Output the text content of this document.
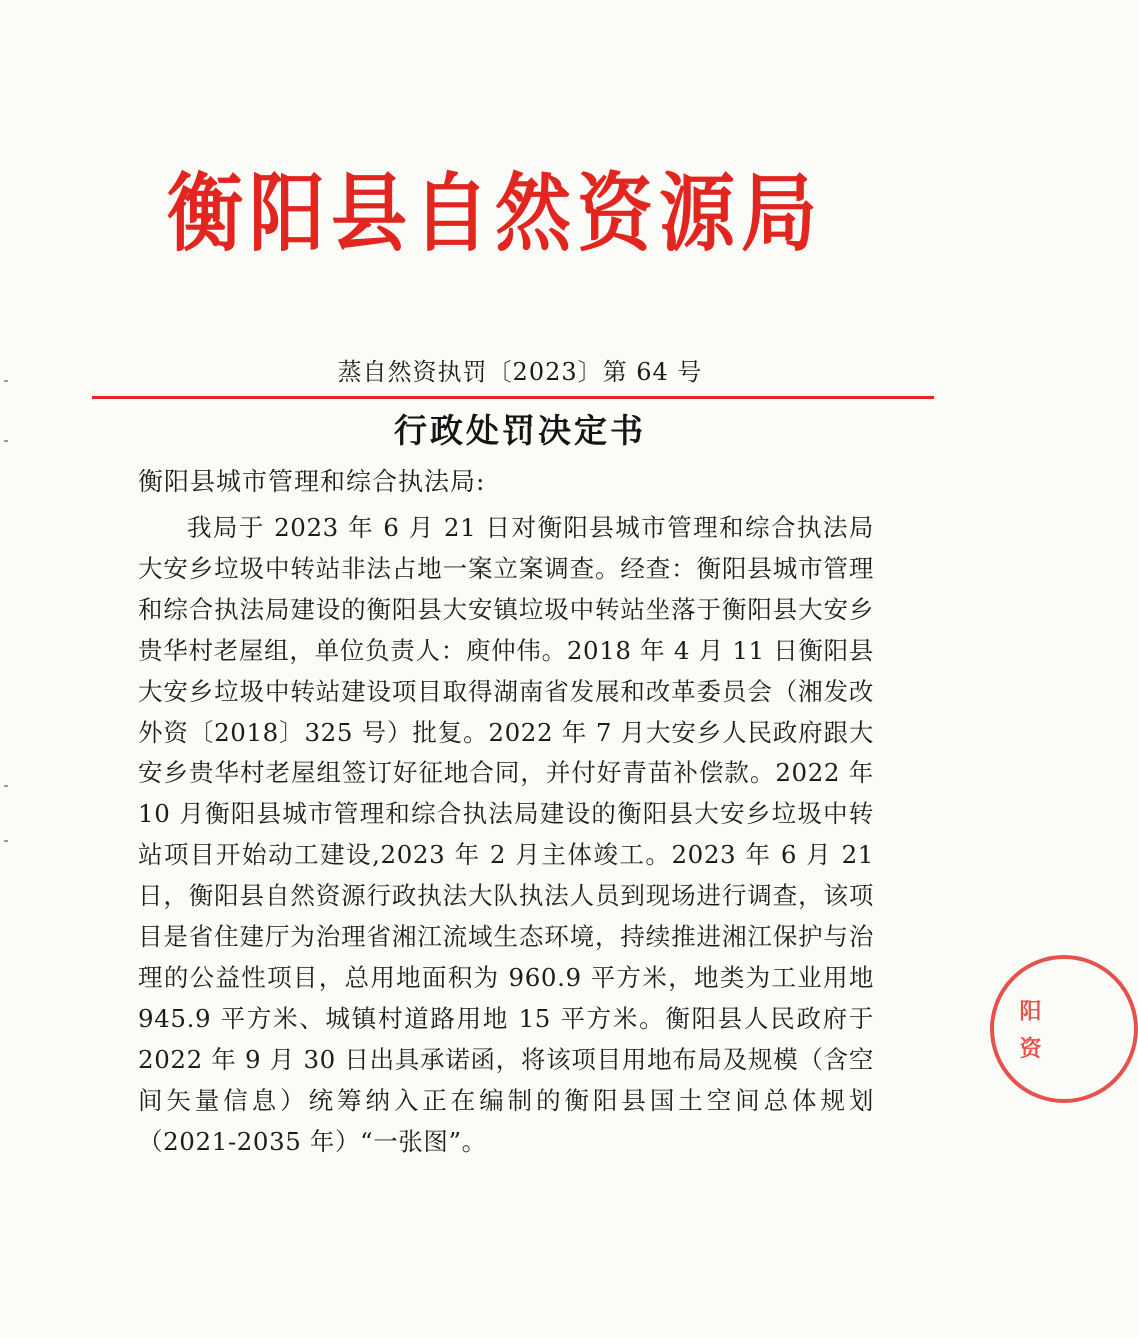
衡阳县自然资源局
蒸自然资执罚〔2023〕第 64 号
行政处罚决定书
衡阳县城市管理和综合执法局:

我局于 2023 年 6 月 21 日对衡阳县城市管理和综合执法局大安乡垃圾中转站非法占地一案立案调查。经查：衡阳县城市管理和综合执法局建设的衡阳县大安镇垃圾中转站坐落于衡阳县大安乡贵华村老屋组，单位负责人：庾仲伟。2018 年 4 月 11 日衡阳县大安乡垃圾中转站建设项目取得湖南省发展和改革委员会（湘发改外资〔2018〕325 号）批复。2022 年 7 月大安乡人民政府跟大安乡贵华村老屋组签订好征地合同，并付好青苗补偿款。2022 年 10 月衡阳县城市管理和综合执法局建设的衡阳县大安乡垃圾中转站项目开始动工建设,2023 年 2 月主体竣工。2023 年 6 月 21 日，衡阳县自然资源行政执法大队执法人员到现场进行调查，该项目是省住建厅为治理省湘江流域生态环境，持续推进湘江保护与治理的公益性项目，总用地面积为 960.9 平方米，地类为工业用地 945.9 平方米、城镇村道路用地 15 平方米。衡阳县人民政府于 2022 年 9 月 30 日出具承诺函，将该项目用地布局及规模（含空间矢量信息）统筹纳入正在编制的衡阳县国土空间总体规划（2021-2035 年）“一张图”。

阳 资
